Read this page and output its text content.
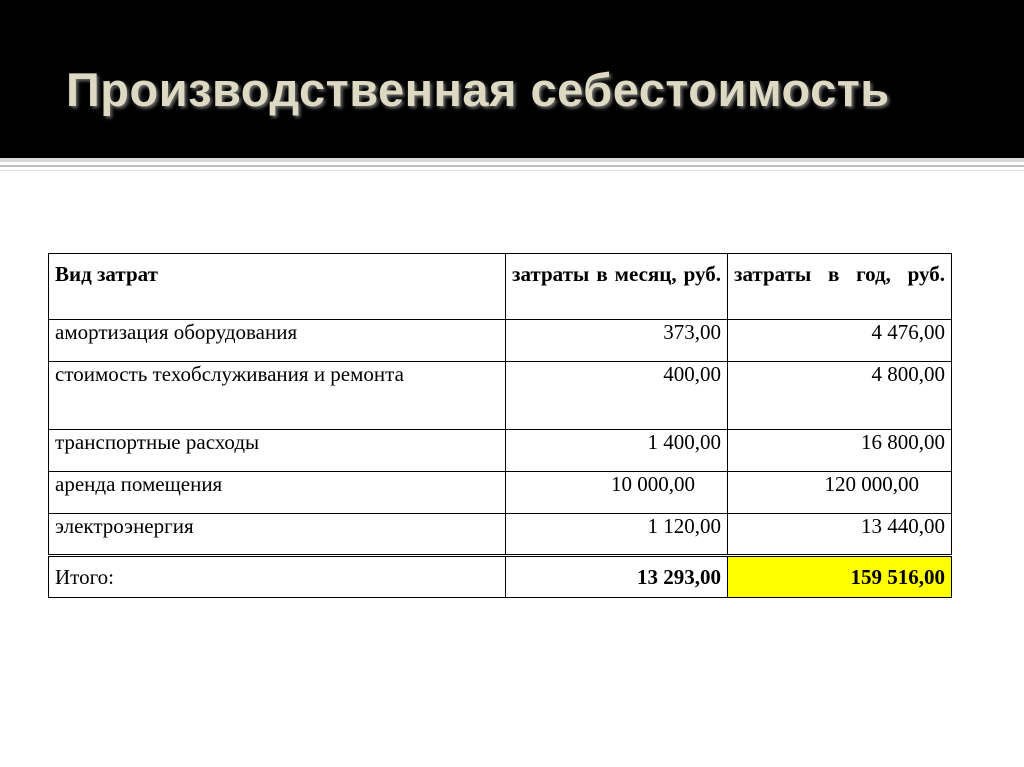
Производственная себестоимость
Вид затрат	затраты в месяц, руб.	затраты в год, руб.
амортизация оборудования	373,00	4 476,00
стоимость техобслуживания и ремонта	400,00	4 800,00
транспортные расходы	1 400,00	16 800,00
аренда помещения	10 000,00	120 000,00
электроэнергия	1 120,00	13 440,00
Итого:	13 293,00	159 516,00
